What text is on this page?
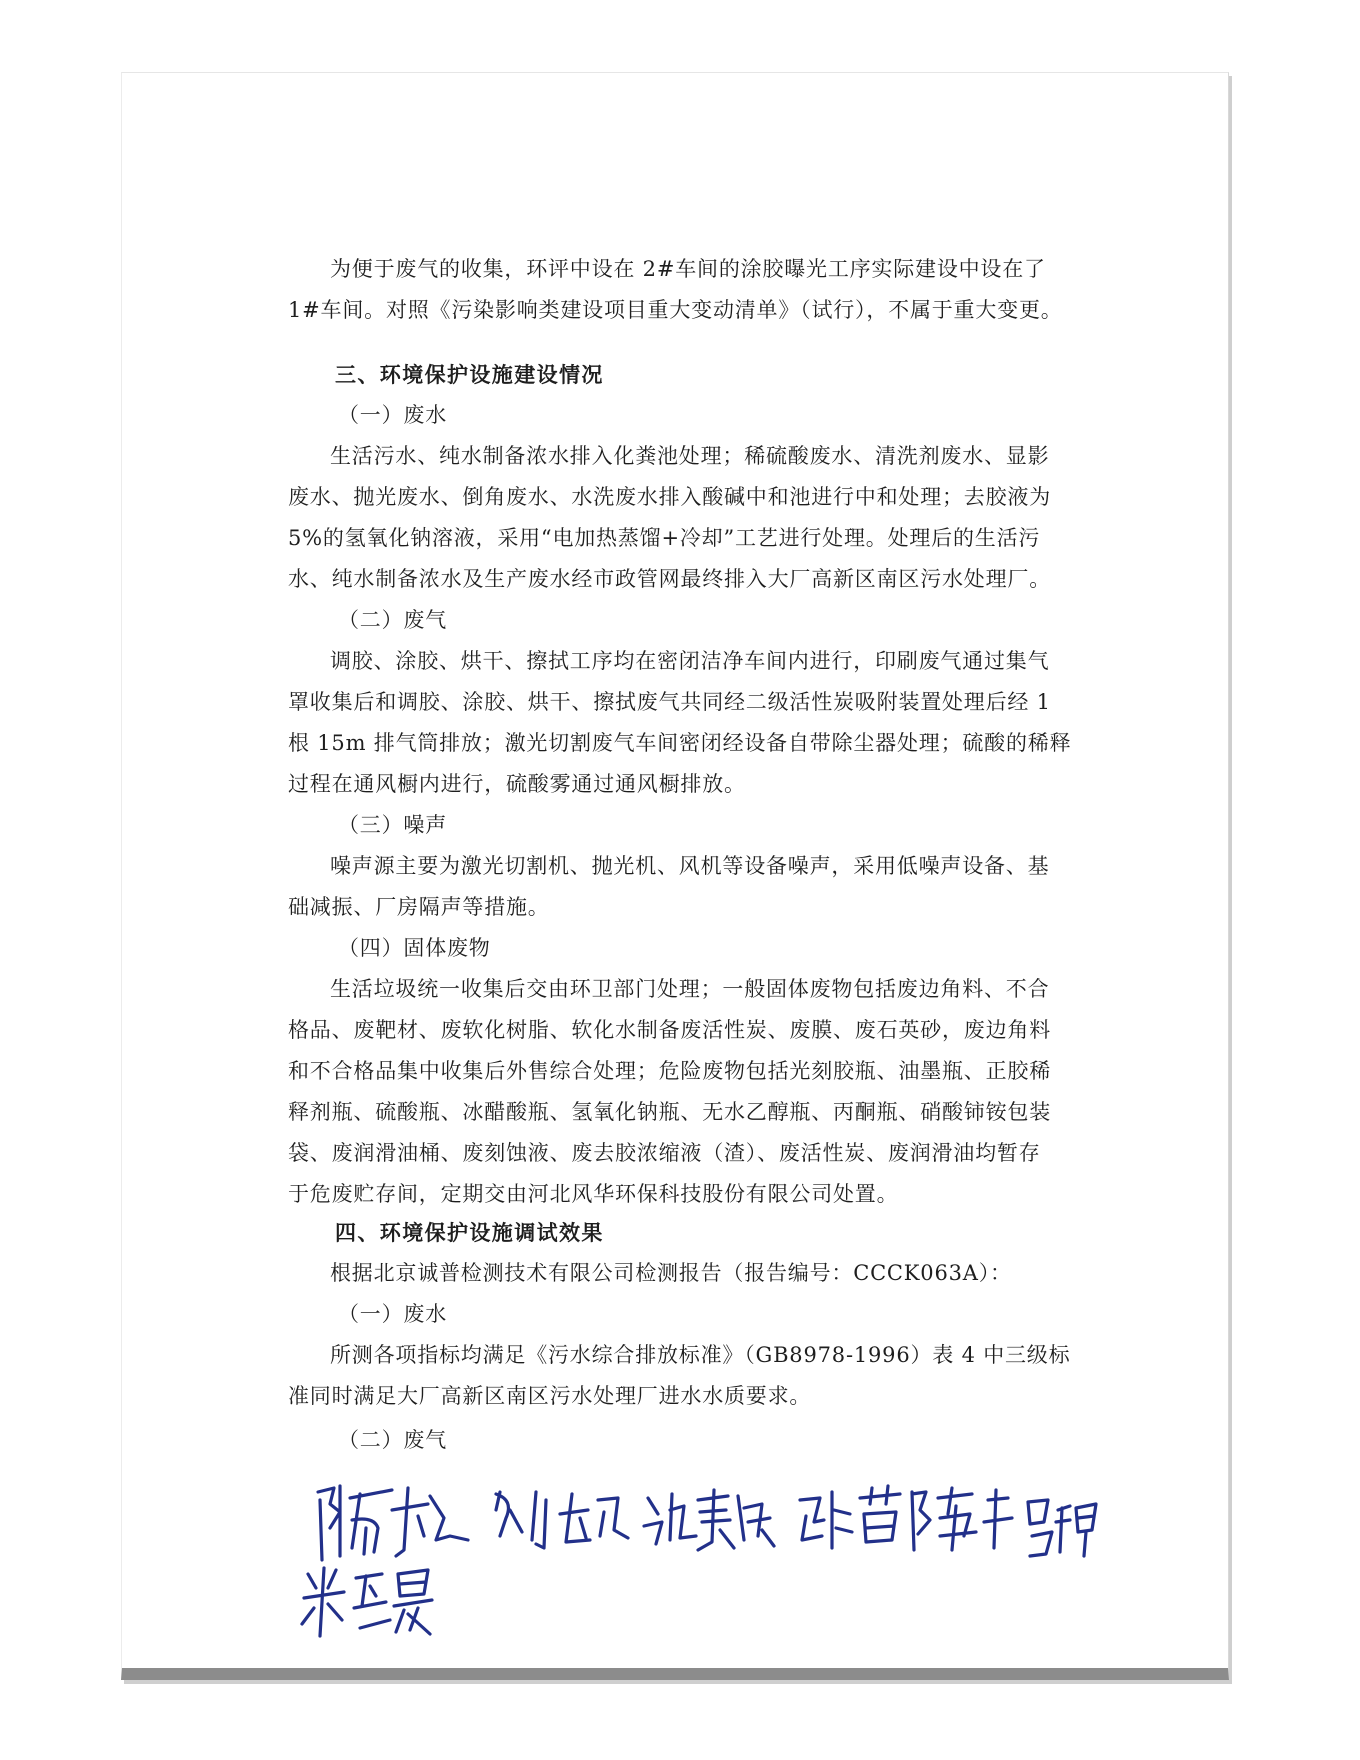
为便于废气的收集，环评中设在 2#车间的涂胶曝光工序实际建设中设在了
1#车间。对照《污染影响类建设项目重大变动清单》（试行），不属于重大变更。
三、环境保护设施建设情况
（一）废水
生活污水、纯水制备浓水排入化粪池处理；稀硫酸废水、清洗剂废水、显影
废水、抛光废水、倒角废水、水洗废水排入酸碱中和池进行中和处理；去胶液为
5%的氢氧化钠溶液，采用“电加热蒸馏+冷却”工艺进行处理。处理后的生活污
水、纯水制备浓水及生产废水经市政管网最终排入大厂高新区南区污水处理厂。
（二）废气
调胶、涂胶、烘干、擦拭工序均在密闭洁净车间内进行，印刷废气通过集气
罩收集后和调胶、涂胶、烘干、擦拭废气共同经二级活性炭吸附装置处理后经 1
根 15m 排气筒排放；激光切割废气车间密闭经设备自带除尘器处理；硫酸的稀释
过程在通风橱内进行，硫酸雾通过通风橱排放。
（三）噪声
噪声源主要为激光切割机、抛光机、风机等设备噪声，采用低噪声设备、基
础减振、厂房隔声等措施。
（四）固体废物
生活垃圾统一收集后交由环卫部门处理；一般固体废物包括废边角料、不合
格品、废靶材、废软化树脂、软化水制备废活性炭、废膜、废石英砂，废边角料
和不合格品集中收集后外售综合处理；危险废物包括光刻胶瓶、油墨瓶、正胶稀
释剂瓶、硫酸瓶、冰醋酸瓶、氢氧化钠瓶、无水乙醇瓶、丙酮瓶、硝酸铈铵包装
袋、废润滑油桶、废刻蚀液、废去胶浓缩液（渣）、废活性炭、废润滑油均暂存
于危废贮存间，定期交由河北风华环保科技股份有限公司处置。
四、环境保护设施调试效果
根据北京诚普检测技术有限公司检测报告（报告编号：CCCK063A）：
（一）废水
所测各项指标均满足《污水综合排放标准》（GB8978-1996）表 4 中三级标
准同时满足大厂高新区南区污水处理厂进水水质要求。
（二）废气
